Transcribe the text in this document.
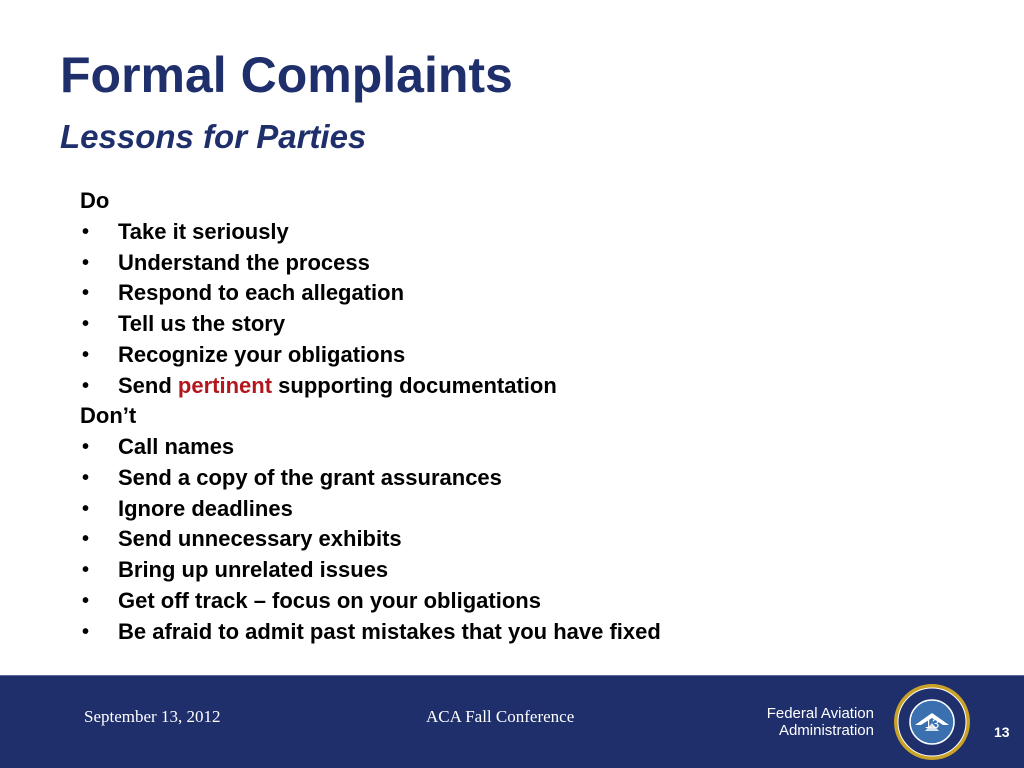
Formal Complaints
Lessons for Parties
Do
• Take it seriously
• Understand the process
• Respond to each allegation
• Tell us the story
• Recognize your obligations
• Send pertinent supporting documentation
Don’t
• Call names
• Send a copy of the grant assurances
• Ignore deadlines
• Send unnecessary exhibits
• Bring up unrelated issues
• Get off track – focus on your obligations
• Be afraid to admit past mistakes that you have fixed
September 13, 2012	ACA Fall Conference	Federal Aviation
Administration	13
13
